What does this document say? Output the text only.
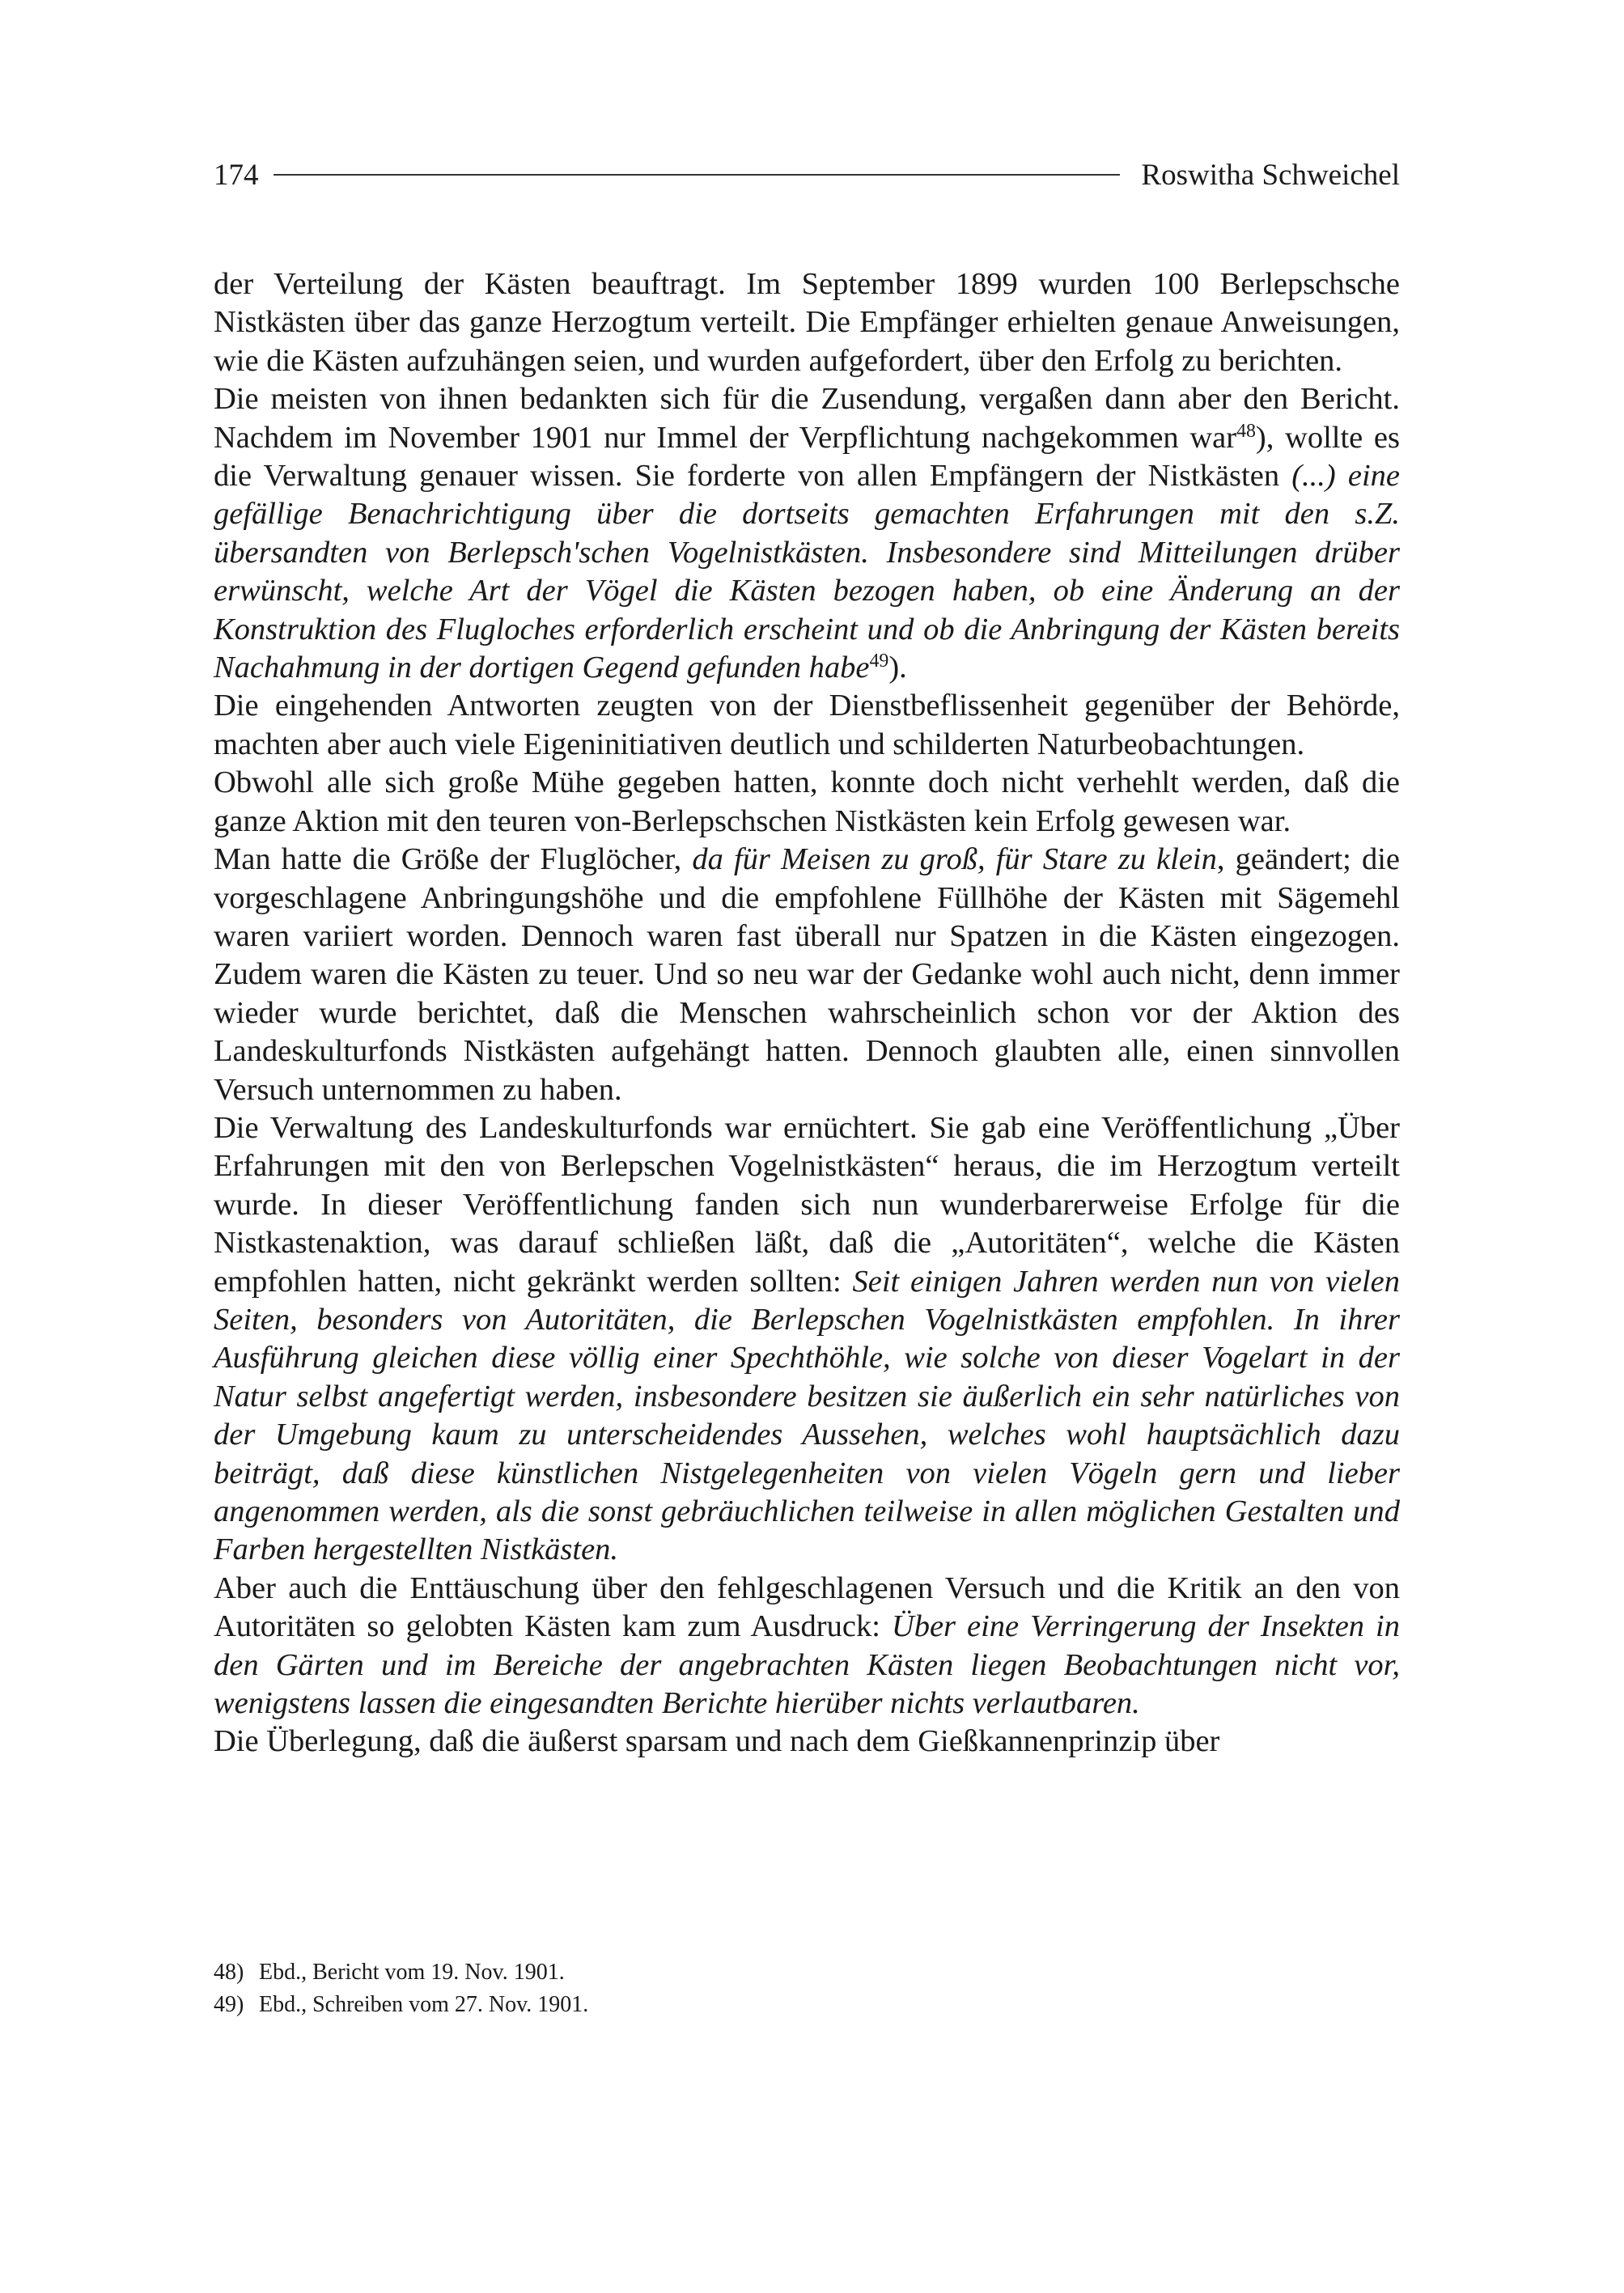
174	Roswitha Schweichel

der Verteilung der Kästen beauftragt. Im September 1899 wurden 100 Berlepschsche Nistkästen über das ganze Herzogtum verteilt. Die Empfänger erhielten genaue Anweisungen, wie die Kästen aufzuhängen seien, und wurden aufgefordert, über den Erfolg zu berichten.

Die meisten von ihnen bedankten sich für die Zusendung, vergaßen dann aber den Bericht. Nachdem im November 1901 nur Immel der Verpflichtung nachgekommen war$^{48}$), wollte es die Verwaltung genauer wissen. Sie forderte von allen Empfängern der Nistkästen (...) eine gefällige Benachrichtigung über die dortseits gemachten Erfahrungen mit den s.Z. übersandten von Berlepsch'schen Vogelnistkästen. Insbesondere sind Mitteilungen drüber erwünscht, welche Art der Vögel die Kästen bezogen haben, ob eine Änderung an der Konstruktion des Flugloches erforderlich erscheint und ob die Anbringung der Kästen bereits Nachahmung in der dortigen Gegend gefunden habe$^{49}$).

Die eingehenden Antworten zeugten von der Dienstbeflissenheit gegenüber der Behörde, machten aber auch viele Eigeninitiativen deutlich und schilderten Naturbeobachtungen.

Obwohl alle sich große Mühe gegeben hatten, konnte doch nicht verhehlt werden, daß die ganze Aktion mit den teuren von-Berlepschschen Nistkästen kein Erfolg gewesen war.

Man hatte die Größe der Fluglöcher, da für Meisen zu groß, für Stare zu klein, geändert; die vorgeschlagene Anbringungshöhe und die empfohlene Füllhöhe der Kästen mit Sägemehl waren variiert worden. Dennoch waren fast überall nur Spatzen in die Kästen eingezogen. Zudem waren die Kästen zu teuer. Und so neu war der Gedanke wohl auch nicht, denn immer wieder wurde berichtet, daß die Menschen wahrscheinlich schon vor der Aktion des Landeskulturfonds Nistkästen aufgehängt hatten. Dennoch glaubten alle, einen sinnvollen Versuch unternommen zu haben.

Die Verwaltung des Landeskulturfonds war ernüchtert. Sie gab eine Veröffentlichung „Über Erfahrungen mit den von Berlepschen Vogelnistkästen“ heraus, die im Herzogtum verteilt wurde. In dieser Veröffentlichung fanden sich nun wunderbarerweise Erfolge für die Nistkastenaktion, was darauf schließen läßt, daß die „Autoritäten“, welche die Kästen empfohlen hatten, nicht gekränkt werden sollten: Seit einigen Jahren werden nun von vielen Seiten, besonders von Autoritäten, die Berlepschen Vogelnistkästen empfohlen. In ihrer Ausführung gleichen diese völlig einer Spechthöhle, wie solche von dieser Vogelart in der Natur selbst angefertigt werden, insbesondere besitzen sie äußerlich ein sehr natürliches von der Umgebung kaum zu unterscheidendes Aussehen, welches wohl hauptsächlich dazu beiträgt, daß diese künstlichen Nistgelegenheiten von vielen Vögeln gern und lieber angenommen werden, als die sonst gebräuchlichen teilweise in allen möglichen Gestalten und Farben hergestellten Nistkästen.

Aber auch die Enttäuschung über den fehlgeschlagenen Versuch und die Kritik an den von Autoritäten so gelobten Kästen kam zum Ausdruck: Über eine Verringerung der Insekten in den Gärten und im Bereiche der angebrachten Kästen liegen Beobachtungen nicht vor, wenigstens lassen die eingesandten Berichte hierüber nichts verlautbaren.

Die Überlegung, daß die äußerst sparsam und nach dem Gießkannenprinzip über

48) Ebd., Bericht vom 19. Nov. 1901.
49) Ebd., Schreiben vom 27. Nov. 1901.
